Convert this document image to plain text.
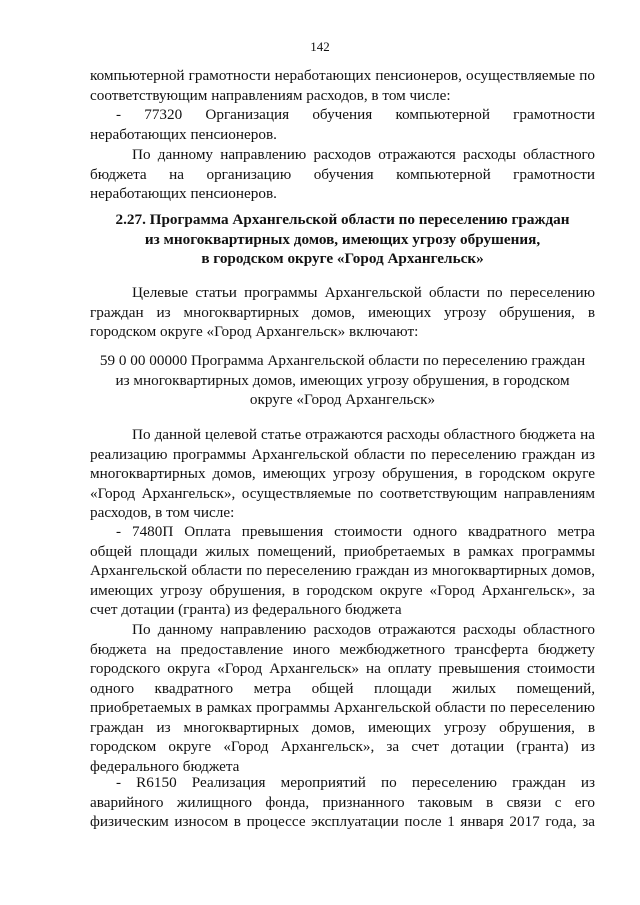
142
компьютерной грамотности неработающих пенсионеров, осуществляемые по
соответствующим направлениям расходов, в том числе:
- 77320 Организация обучения компьютерной грамотности
неработающих пенсионеров.
По данному направлению расходов отражаются расходы областного
бюджета на организацию обучения компьютерной грамотности
неработающих пенсионеров.
2.27. Программа Архангельской области по переселению граждан
из многоквартирных домов, имеющих угрозу обрушения,
в городском округе «Город Архангельск»
Целевые статьи программы Архангельской области по переселению
граждан из многоквартирных домов, имеющих угрозу обрушения, в
городском округе «Город Архангельск» включают:
59 0 00 00000 Программа Архангельской области по переселению граждан
из многоквартирных домов, имеющих угрозу обрушения, в городском
округе «Город Архангельск»
По данной целевой статье отражаются расходы областного бюджета на
реализацию программы Архангельской области по переселению граждан из
многоквартирных домов, имеющих угрозу обрушения, в городском округе
«Город Архангельск», осуществляемые по соответствующим направлениям
расходов, в том числе:
- 7480П Оплата превышения стоимости одного квадратного метра
общей площади жилых помещений, приобретаемых в рамках программы
Архангельской области по переселению граждан из многоквартирных домов,
имеющих угрозу обрушения, в городском округе «Город Архангельск», за
счет дотации (гранта) из федерального бюджета
По данному направлению расходов отражаются расходы областного
бюджета на предоставление иного межбюджетного трансферта бюджету
городского округа «Город Архангельск» на оплату превышения стоимости
одного квадратного метра общей площади жилых помещений,
приобретаемых в рамках программы Архангельской области по переселению
граждан из многоквартирных домов, имеющих угрозу обрушения, в
городском округе «Город Архангельск», за счет дотации (гранта) из
федерального бюджета
- R6150 Реализация мероприятий по переселению граждан из
аварийного жилищного фонда, признанного таковым в связи с его
физическим износом в процессе эксплуатации после 1 января 2017 года, за
